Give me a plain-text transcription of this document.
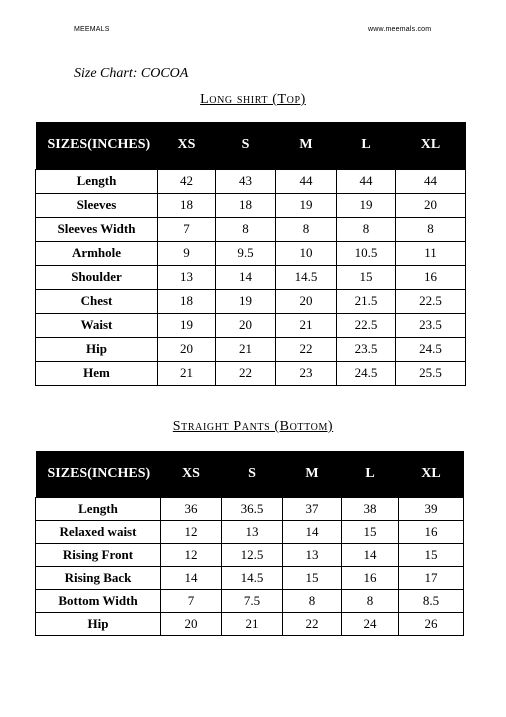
MEEMALS	www.meemals.com
Size Chart: COCOA
Long shirt (Top)
SIZES(INCHES)	XS	S	M	L	XL
Length	42	43	44	44	44
Sleeves	18	18	19	19	20
Sleeves Width	7	8	8	8	8
Armhole	9	9.5	10	10.5	11
Shoulder	13	14	14.5	15	16
Chest	18	19	20	21.5	22.5
Waist	19	20	21	22.5	23.5
Hip	20	21	22	23.5	24.5
Hem	21	22	23	24.5	25.5
Straight Pants (Bottom)
SIZES(INCHES)	XS	S	M	L	XL
Length	36	36.5	37	38	39
Relaxed waist	12	13	14	15	16
Rising Front	12	12.5	13	14	15
Rising Back	14	14.5	15	16	17
Bottom Width	7	7.5	8	8	8.5
Hip	20	21	22	24	26
